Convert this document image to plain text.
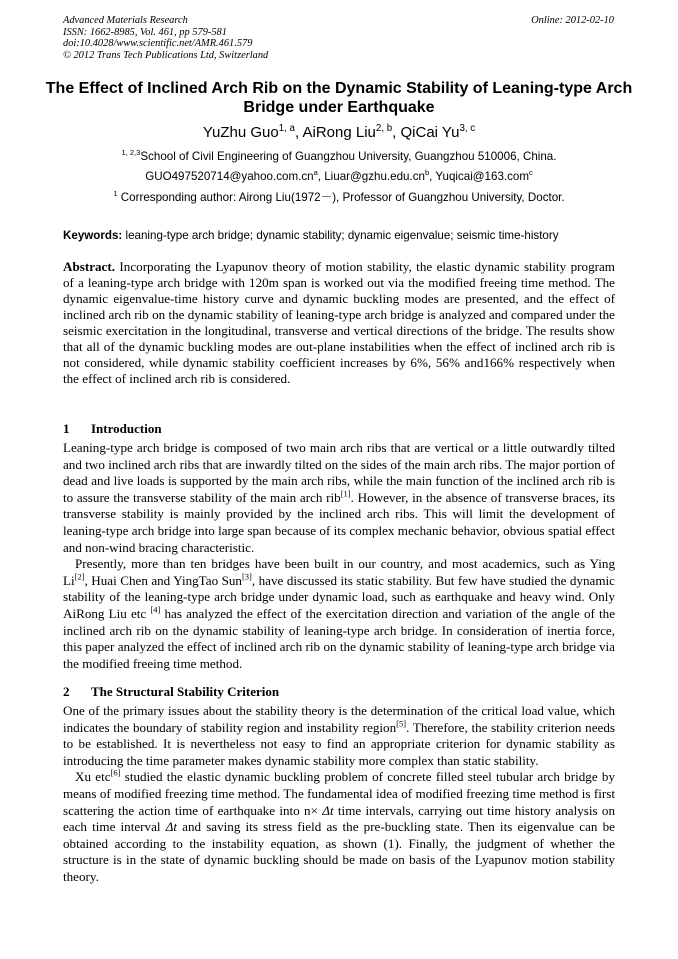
Advanced Materials Research
ISSN: 1662-8985, Vol. 461, pp 579-581
doi:10.4028/www.scientific.net/AMR.461.579
© 2012 Trans Tech Publications Ltd, Switzerland
Online: 2012-02-10
The Effect of Inclined Arch Rib on the Dynamic Stability of Leaning-type Arch Bridge under Earthquake
YuZhu Guo$^{1, a}$, AiRong Liu$^{2, b}$, QiCai Yu$^{3, c}$
$^{1, 2,3}$School of Civil Engineering of Guangzhou University, Guangzhou 510006, China.
$GUO497520714@yahoo.com.cn^a$, $Liuar@gzhu.edu.cn^b$, Yuqicai@163.com$^c$
$^1$ Corresponding author: Airong Liu(1972－), Professor of Guangzhou University, Doctor.
Keywords: leaning-type arch bridge; dynamic stability; dynamic eigenvalue; seismic time-history

Abstract. Incorporating the Lyapunov theory of motion stability, the elastic dynamic stability program of a leaning-type arch bridge with 120m span is worked out via the modified freeing time method. The dynamic eigenvalue-time history curve and dynamic buckling modes are presented, and the effect of inclined arch rib on the dynamic stability of leaning-type arch bridge is analyzed and compared under the seismic exercitation in the longitudinal, transverse and vertical directions of the bridge. The results show that all of the dynamic buckling modes are out-plane instabilities when the effect of inclined arch rib is not considered, while dynamic stability coefficient increases by 6%, 56% and166% respectively when the effect of inclined arch rib is considered.

1 Introduction

Leaning-type arch bridge is composed of two main arch ribs that are vertical or a little outwardly tilted and two inclined arch ribs that are inwardly tilted on the sides of the main arch ribs. The major portion of dead and live loads is supported by the main arch ribs, while the main function of the inclined arch rib is to assure the transverse stability of the main arch rib[1]. However, in the absence of transverse braces, its transverse stability is mainly provided by the inclined arch ribs. This will limit the development of leaning-type arch bridge into large span because of its complex mechanic behavior, obvious spatial effect and non-wind bracing characteristic.

Presently, more than ten bridges have been built in our country, and most academics, such as Ying Li[2], Huai Chen and YingTao Sun[3], have discussed its static stability. But few have studied the dynamic stability of the leaning-type arch bridge under dynamic load, such as earthquake and heavy wind. Only AiRong Liu etc [4] has analyzed the effect of the exercitation direction and variation of the angle of the inclined arch rib on the dynamic stability of leaning-type arch bridge. In consideration of inertia force, this paper analyzed the effect of inclined arch rib on the dynamic stability of leaning-type arch bridge via the modified freeing time method.

2 The Structural Stability Criterion

One of the primary issues about the stability theory is the determination of the critical load value, which indicates the boundary of stability region and instability region[5]. Therefore, the stability criterion needs to be established. It is nevertheless not easy to find an appropriate criterion for dynamic stability as introducing the time parameter makes dynamic stability more complex than static stability.

Xu etc[6] studied the elastic dynamic buckling problem of concrete filled steel tubular arch bridge by means of modified freezing time method. The fundamental idea of modified freezing time method is first scattering the action time of earthquake into n× Δt time intervals, carrying out time history analysis on each time interval Δt and saving its stress field as the pre-buckling state. Then its eigenvalue can be obtained according to the instability equation, as shown (1). Finally, the judgment of whether the structure is in the state of dynamic buckling should be made on basis of the Lyapunov motion stability theory.
